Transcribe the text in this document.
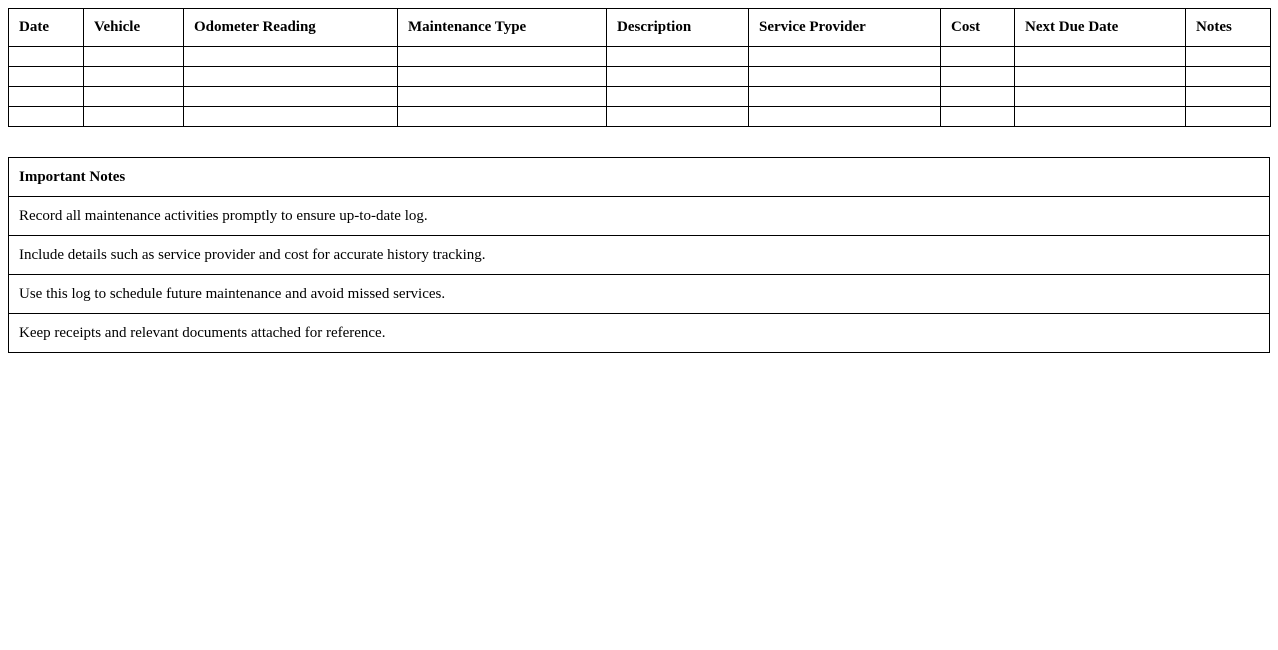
Date	Vehicle	Odometer Reading	Maintenance Type	Description	Service Provider	Cost	Next Due Date	Notes

Important Notes
Record all maintenance activities promptly to ensure up-to-date log.
Include details such as service provider and cost for accurate history tracking.
Use this log to schedule future maintenance and avoid missed services.
Keep receipts and relevant documents attached for reference.
